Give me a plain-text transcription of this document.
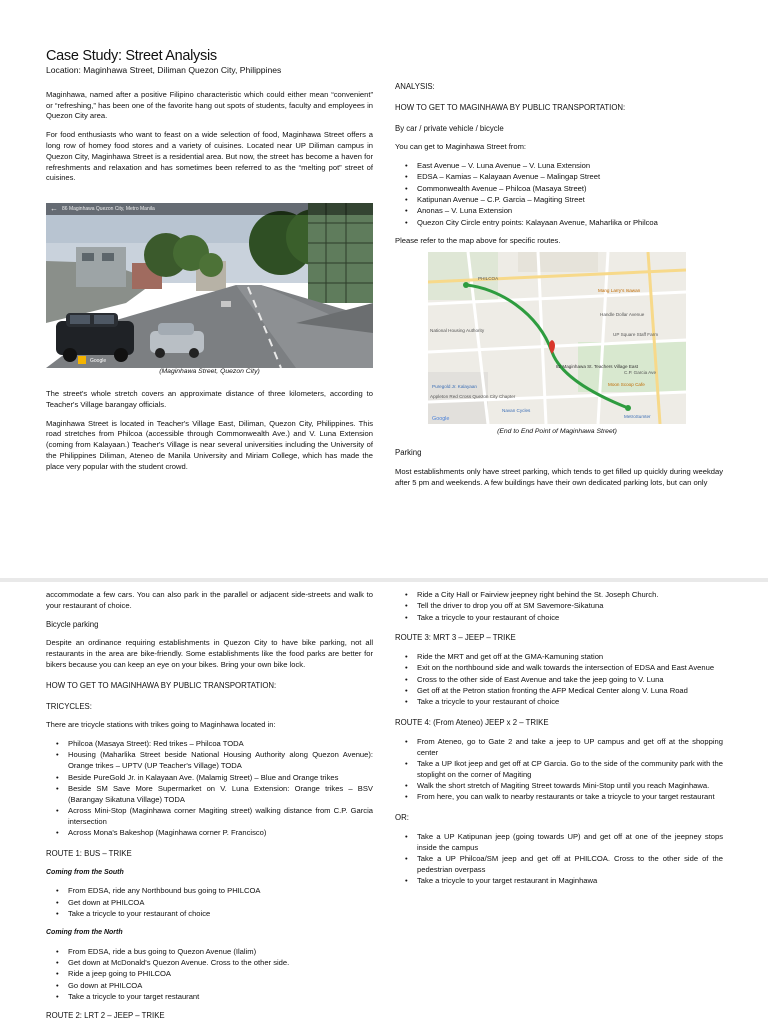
Case Study: Street Analysis
Location: Maginhawa Street, Diliman Quezon City, Philippines

Maginhawa, named after a positive Filipino characteristic which could either mean “convenient” or “refreshing,” has been one of the favorite hang out spots of students, faculty and employees in Quezon City area.

For food enthusiasts who want to feast on a wide selection of food, Maginhawa Street offers a long row of homey food stores and a variety of cuisines. Located near UP Diliman campus in Quezon City, Maginhawa Street is a residential area. But now, the street has become a haven for refreshments and relaxation and has sometimes been referred to as the “melting pot” street of cuisines.

← 86 Maginhawa Quezon City, Metro Manila
Google
(Maginhawa Street, Quezon City)

The street's whole stretch covers an approximate distance of three kilometers, according to Teacher's Village barangay officials.

Maginhawa Street is located in Teacher's Village East, Diliman, Quezon City, Philippines. This road stretches from Philcoa (accessible through Commonwealth Ave.) and V. Luna Extension (coming from Kalayaan.) Teacher's Village is near several universities including the University of the Philippines Diliman, Ateneo de Manila University and Miriam College, which has made the place very popular with the student crowd.

ANALYSIS:
HOW TO GET TO MAGINHAWA BY PUBLIC TRANSPORTATION:
By car / private vehicle / bicycle

You can get to Maginhawa Street from:

• East Avenue – V. Luna Avenue – V. Luna Extension
• EDSA – Kamias – Kalayaan Avenue – Malingap Street
• Commonwealth Avenue – Philcoa (Masaya Street)
• Katipunan Avenue – C.P. Garcia – Magiting Street
• Anonas – V. Luna Extension
• Quezon City Circle entry points: Kalayaan Avenue, Maharlika or Philcoa

Please refer to the map above for specific routes.

PHILCOA
National Housing Authority
Mang Larry's Isawan
Handle Dollar Avenue
UP Square Staff Farm
82 Maginhawa St. Teachers Village East
C.P. Garcia Ave
Puregold Jr. Kalayaan
Appleton Red Cross Quezon City Chapter
Navan Cycles
MetroSumter
Moon Scoop Cafe
Google
(End to End Point of Maginhawa Street)
Parking

Most establishments only have street parking, which tends to get filled up quickly during weekday after 5 pm and weekends. A few buildings have their own dedicated parking lots, but can only

accommodate a few cars. You can also park in the parallel or adjacent side-streets and walk to your restaurant of choice.

Bicycle parking

Despite an ordinance requiring establishments in Quezon City to have bike parking, not all restaurants in the area are bike-friendly. Some establishments like the food parks are better for bikers because you can keep an eye on your bikes. Bring your own bike lock.

HOW TO GET TO MAGINHAWA BY PUBLIC TRANSPORTATION:
TRICYCLES:

There are tricycle stations with trikes going to Maginhawa located in:

• Philcoa (Masaya Street): Red trikes – Philcoa TODA
• Housing (Maharlika Street beside National Housing Authority along Quezon Avenue): Orange trikes – UPTV (UP Teacher's Village) TODA
• Beside PureGold Jr. in Kalayaan Ave. (Malamig Street) – Blue and Orange trikes
• Beside SM Save More Supermarket on V. Luna Extension: Orange trikes – BSV (Barangay Sikatuna Village) TODA
• Across Mini-Stop (Maginhawa corner Magiting street) walking distance from C.P. Garcia intersection
• Across Mona's Bakeshop (Maginhawa corner P. Francisco)
ROUTE 1: BUS – TRIKE
Coming from the South
• From EDSA, ride any Northbound bus going to PHILCOA
• Get down at PHILCOA
• Take a tricycle to your restaurant of choice
Coming from the North
• From EDSA, ride a bus going to Quezon Avenue (Ilalim)
• Get down at McDonald's Quezon Avenue. Cross to the other side.
• Ride a jeep going to PHILCOA
• Go down at PHILCOA
• Take a tricycle to your target restaurant
ROUTE 2: LRT 2 – JEEP – TRIKE
• Ride a City Hall or Fairview jeepney right behind the St. Joseph Church.
• Tell the driver to drop you off at SM Savemore-Sikatuna
• Take a tricycle to your restaurant of choice
ROUTE 3: MRT 3 – JEEP – TRIKE
• Ride the MRT and get off at the GMA-Kamuning station
• Exit on the northbound side and walk towards the intersection of EDSA and East Avenue
• Cross to the other side of East Avenue and take the jeep going to V. Luna
• Get off at the Petron station fronting the AFP Medical Center along V. Luna Road
• Take a tricycle to your restaurant of choice
ROUTE 4: (From Ateneo) JEEP x 2 – TRIKE
• From Ateneo, go to Gate 2 and take a jeep to UP campus and get off at the shopping center
• Take a UP Ikot jeep and get off at CP Garcia. Go to the side of the community park with the stoplight on the corner of Magiting
• Walk the short stretch of Magiting Street towards Mini-Stop until you reach Maginhawa.
• From here, you can walk to nearby restaurants or take a tricycle to your target restaurant
OR:
• Take a UP Katipunan jeep (going towards UP) and get off at one of the jeepney stops inside the campus
• Take a UP Philcoa/SM jeep and get off at PHILCOA. Cross to the other side of the pedestrian overpass
• Take a tricycle to your target restaurant in Maginhawa
